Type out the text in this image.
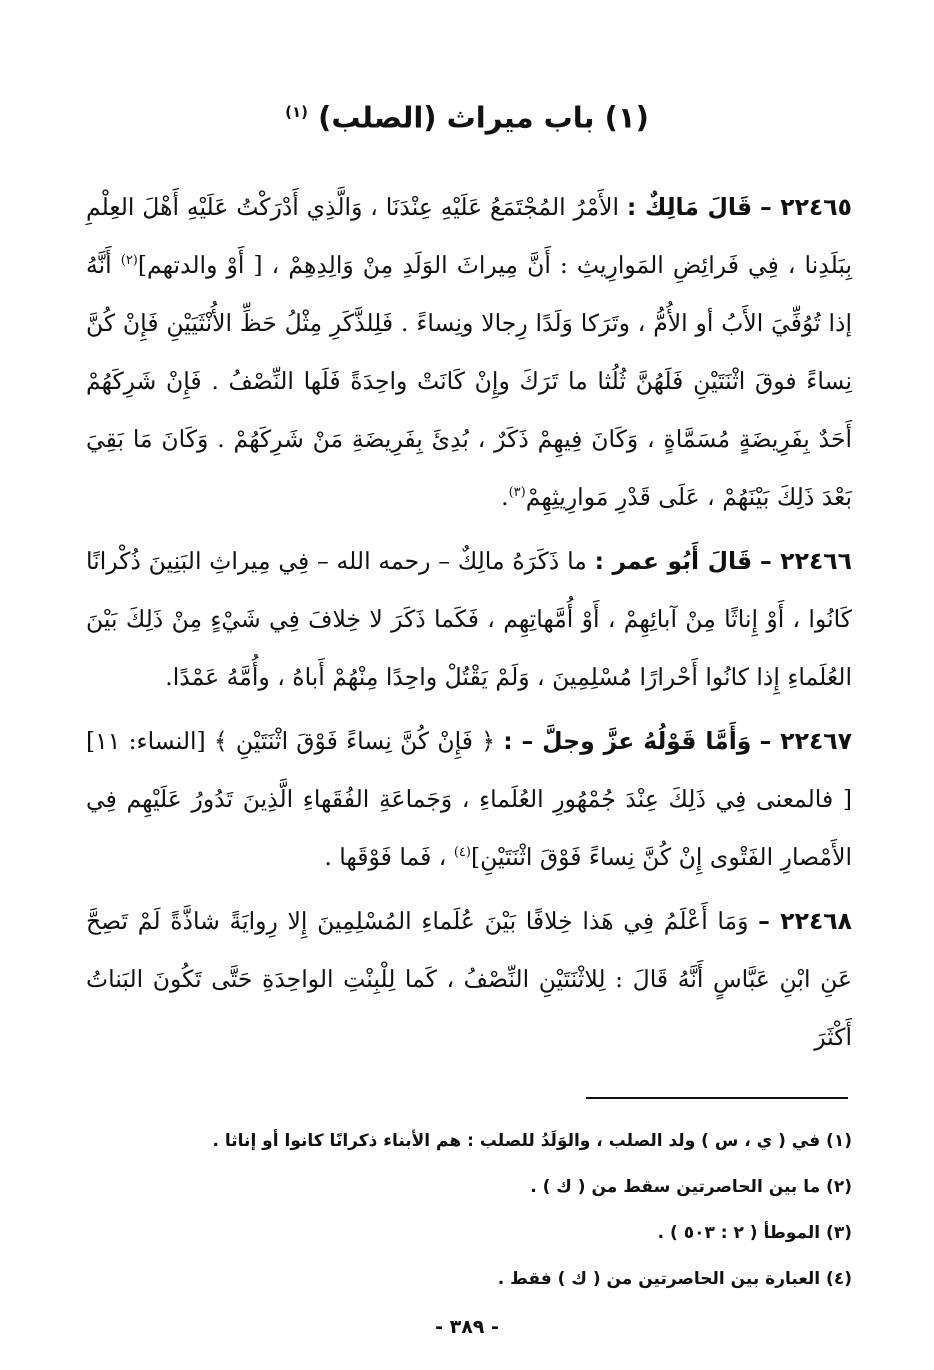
(١) باب ميراث (الصلب) $^{(١)}$

٢٢٤٦٥ – قَالَ مَالِكٌ : الأَمْرُ المُجْتَمَعُ عَلَيْهِ عِنْدَنَا ، وَالَّذِي أَدْرَكْتُ عَلَيْهِ أَهْلَ العِلْمِ بِبَلَدِنا ، فِي فَرائِضِ المَوارِيثِ : أَنَّ مِيراثَ الوَلَدِ مِنْ وَالِدِهِمْ ، [ أَوْ والدتهم]$^{(٢)}$ أَنَّهُ إذا تُوُفِّيَ الأَبُ أو الأُمُّ ، وتَرَكا وَلَدًا رِجالا ونِساءً . فَلِلذَّكَرِ مِثْلُ حَظِّ الأُنْثَيَيْنِ فَإِنْ كُنَّ نِساءً فوقَ اثْنَتَيْنِ فَلَهُنَّ ثُلُثا ما تَرَكَ وإِنْ كَانَتْ واحِدَةً فَلَها النِّصْفُ . فَإِنْ شَرِكَهُمْ أَحَدٌ بِفَرِيضَةٍ مُسَمَّاةٍ ، وَكَانَ فِيهِمْ ذَكَرٌ ، بُدِئَ بِفَرِيضَةِ مَنْ شَرِكَهُمْ . وَكَانَ مَا بَقِيَ بَعْدَ ذَلِكَ بَيْنَهُمْ ، عَلَى قَدْرِ مَوارِيثِهِمْ$^{(٣)}$.

٢٢٤٦٦ – قَالَ أَبُو عمر : ما ذَكَرَهُ مالِكٌ – رحمه الله – فِي مِيراثِ البَنِينَ ذُكْرانًا كَانُوا ، أَوْ إِناثًا مِنْ آبائِهِمْ ، أَوْ أُمَّهاتِهِم ، فَكَما ذَكَرَ لا خِلافَ فِي شَيْءٍ مِنْ ذَلِكَ بَيْنَ العُلَماءِ إِذا كانُوا أَحْرارًا مُسْلِمِينَ ، وَلَمْ يَقْتُلْ واحِدًا مِنْهُمْ أَباهُ ، وأُمَّهُ عَمْدًا.

٢٢٤٦٧ – وَأَمَّا قَوْلُهُ عزَّ وجلَّ – : ﴿ فَإِنْ كُنَّ نِساءً فَوْقَ اثْنَتَيْنِ ﴾ [النساء: ١١] [ فالمعنى فِي ذَلِكَ عِنْدَ جُمْهُورِ العُلَماءِ ، وَجَماعَةِ الفُقَهاءِ الَّذِينَ تَدُورُ عَلَيْهِم فِي الأَمْصارِ الفَتْوى إِنْ كُنَّ نِساءً فَوْقَ اثْنَتَيْنِ]$^{(٤)}$ ، فَما فَوْقَها .

٢٢٤٦٨ – وَمَا أَعْلَمُ فِي هَذا خِلافًا بَيْنَ عُلَماءِ المُسْلِمِينَ إِلا رِوايَةً شاذَّةً لَمْ تَصِحَّ عَنِ ابْنِ عَبَّاسٍ أَنَّهُ قَالَ : لِلاثْنَتَيْنِ النِّصْفُ ، كَما لِلْبِنْتِ الواحِدَةِ حَتَّى تَكُونَ البَناتُ أَكْثَرَ

(١) في ( ي ، س ) ولد الصلب ، والوَلَدُ للصلب : هم الأبناء ذكرانًا كانوا أو إناثا .

(٢) ما بين الحاصرتين سقط من ( ك ) .

(٣) الموطأ ( ٢ : ٥٠٣ ) .

(٤) العبارة بين الحاصرتين من ( ك ) فقط .

- ٣٨٩ -
